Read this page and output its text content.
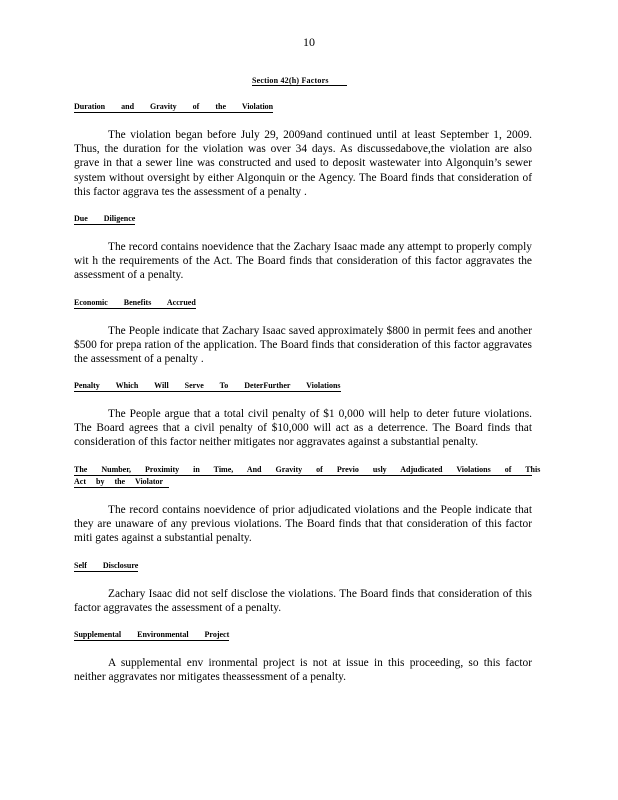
10
Section 42(h) Factors
Duration and Gravity of the Violation
The violation began before July 29, 2009and continued until at least September 1, 2009. Thus, the duration for the violation was over 34 days. As discussedabove,the violation are also grave in that a sewer line was constructed and used to deposit wastewater into Algonquin’s sewer system without oversight by either Algonquin or the Agency. The Board finds that consideration of this factor aggrava tes the assessment of a penalty .
Due Diligence
The record contains noevidence that the Zachary Isaac made any attempt to properly comply wit h the requirements of the Act. The Board finds that consideration of this factor aggravates the assessment of a penalty.
Economic Benefits Accrued
The People indicate that Zachary Isaac saved approximately $800 in permit fees and another $500 for prepa ration of the application. The Board finds that consideration of this factor aggravates the assessment of a penalty .
Penalty Which Will Serve To DeterFurther Violations
The People argue that a total civil penalty of $1 0,000 will help to deter future violations. The Board agrees that a civil penalty of $10,000 will act as a deterrence. The Board finds that consideration of this factor neither mitigates nor aggravates against a substantial penalty.
The Number, Proximity in Time, And Gravity of Previo usly Adjudicated Violations of This
Act by the Violator
The record contains noevidence of prior adjudicated violations and the People indicate that they are unaware of any previous violations. The Board finds that that consideration of this factor miti gates against a substantial penalty.
Self Disclosure
Zachary Isaac did not self disclose the violations. The Board finds that consideration of this factor aggravates the assessment of a penalty.
Supplemental Environmental Project
A supplemental env ironmental project is not at issue in this proceeding, so this factor neither aggravates nor mitigates theassessment of a penalty.
